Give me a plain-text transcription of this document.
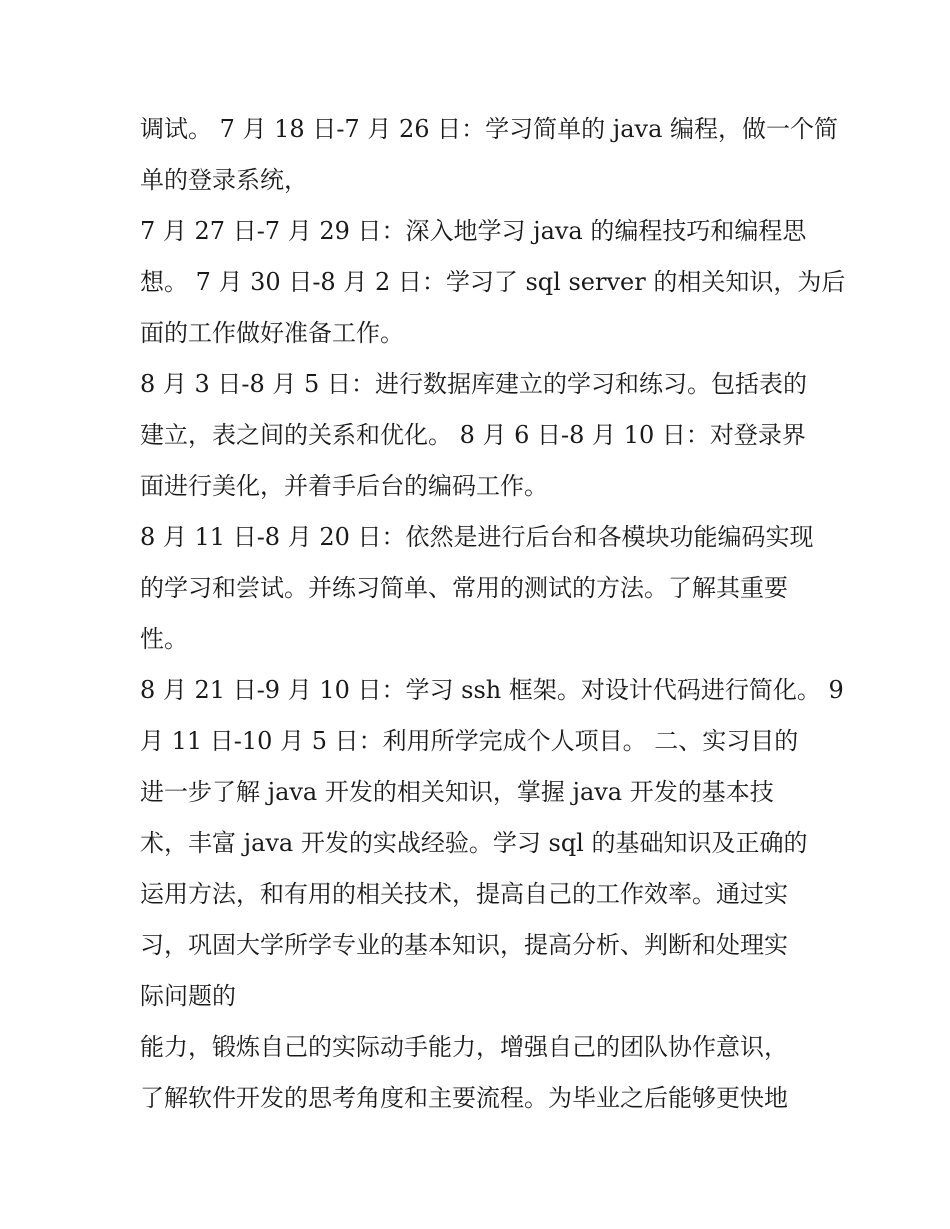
调试。 7 月 18 日-7 月 26 日：学习简单的 java 编程，做一个简
单的登录系统，
7 月 27 日-7 月 29 日：深入地学习 java 的编程技巧和编程思
想。 7 月 30 日-8 月 2 日：学习了 sql server 的相关知识，为后
面的工作做好准备工作。
8 月 3 日-8 月 5 日：进行数据库建立的学习和练习。包括表的
建立，表之间的关系和优化。 8 月 6 日-8 月 10 日：对登录界
面进行美化，并着手后台的编码工作。
8 月 11 日-8 月 20 日：依然是进行后台和各模块功能编码实现
的学习和尝试。并练习简单、常用的测试的方法。了解其重要
性。
8 月 21 日-9 月 10 日：学习 ssh 框架。对设计代码进行简化。 9
月 11 日-10 月 5 日：利用所学完成个人项目。 二、实习目的
进一步了解 java 开发的相关知识，掌握 java 开发的基本技
术，丰富 java 开发的实战经验。学习 sql 的基础知识及正确的
运用方法，和有用的相关技术，提高自己的工作效率。通过实
习，巩固大学所学专业的基本知识，提高分析、判断和处理实
际问题的
能力，锻炼自己的实际动手能力，增强自己的团队协作意识，
了解软件开发的思考角度和主要流程。为毕业之后能够更快地
